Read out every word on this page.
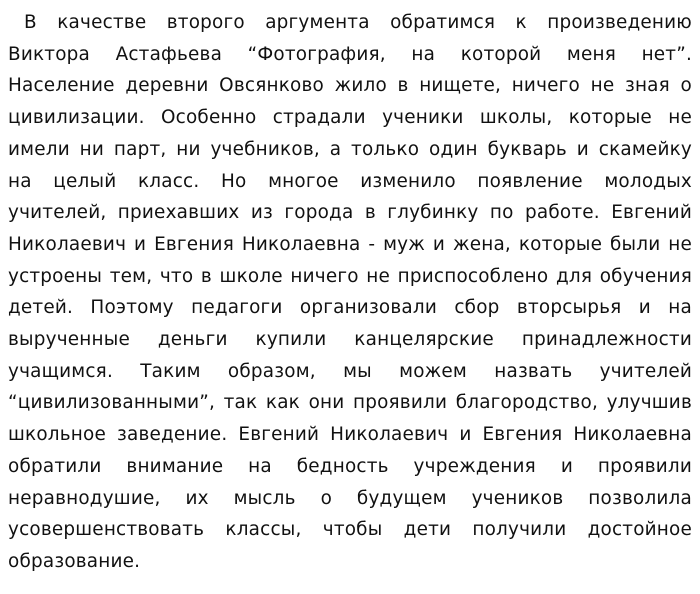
В качестве второго аргумента обратимся к произведению Виктора Астафьева “Фотография, на которой меня нет”. Население деревни Овсянково жило в нищете, ничего не зная о цивилизации. Особенно страдали ученики школы, которые не имели ни парт, ни учебников, а только один букварь и скамейку на целый класс. Но многое изменило появление молодых учителей, приехавших из города в глубинку по работе. Евгений Николаевич и Евгения Николаевна - муж и жена, которые были не устроены тем, что в школе ничего не приспособлено для обучения детей. Поэтому педагоги организовали сбор вторсырья и на вырученные деньги купили канцелярские принадлежности учащимся. Таким образом, мы можем назвать учителей “цивилизованными”, так как они проявили благородство, улучшив школьное заведение. Евгений Николаевич и Евгения Николаевна обратили внимание на бедность учреждения и проявили неравнодушие, их мысль о будущем учеников позволила усовершенствовать классы, чтобы дети получили достойное образование.
